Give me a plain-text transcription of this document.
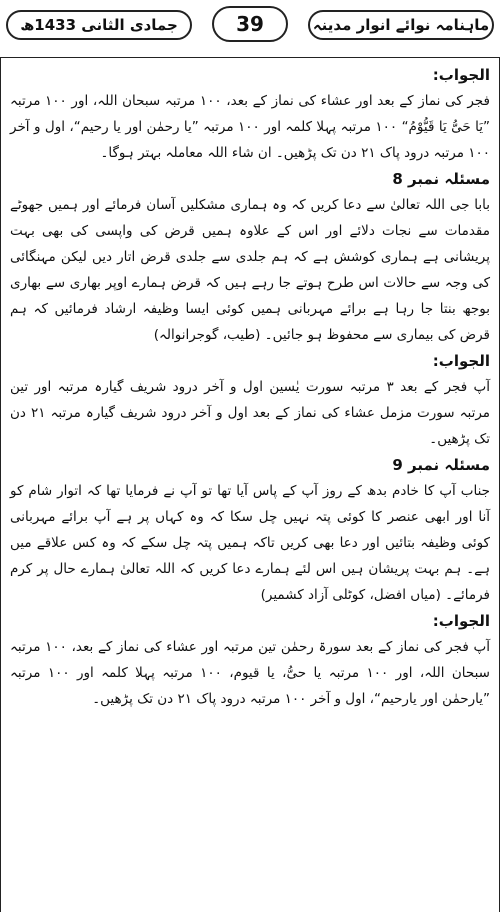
ماہنامہ نوائے انوار مدینہ
39
جمادی الثانی 1433ھ
الجواب:

فجر کی نماز کے بعد اور عشاء کی نماز کے بعد، ۱۰۰ مرتبہ سبحان اللہ، اور ۱۰۰ مرتبہ ”یَا حَیُّ یَا قَیُّوْمُ“ ۱۰۰ مرتبہ پہلا کلمہ اور ۱۰۰ مرتبہ ”یا رحمٰن اور یا رحیم“، اول و آخر ۱۰۰ مرتبہ درود پاک ۲۱ دن تک پڑھیں۔ ان شاء اللہ معاملہ بہتر ہوگا۔

مسئلہ نمبر 8

بابا جی اللہ تعالیٰ سے دعا کریں کہ وہ ہماری مشکلیں آسان فرمائے اور ہمیں جھوٹے مقدمات سے نجات دلائے اور اس کے علاوہ ہمیں قرض کی واپسی کی بھی بہت پریشانی ہے ہماری کوشش ہے کہ ہم جلدی سے جلدی قرض اتار دیں لیکن مہنگائی کی وجہ سے حالات اس طرح ہوتے جا رہے ہیں کہ قرض ہمارے اوپر بھاری سے بھاری بوجھ بنتا جا رہا ہے برائے مہربانی ہمیں کوئی ایسا وظیفہ ارشاد فرمائیں کہ ہم قرض کی بیماری سے محفوظ ہو جائیں۔ (طیب، گوجرانوالہ)

الجواب:

آپ فجر کے بعد ۳ مرتبہ سورت یٰسین اول و آخر درود شریف گیارہ مرتبہ اور تین مرتبہ سورت مزمل عشاء کی نماز کے بعد اول و آخر درود شریف گیارہ مرتبہ ۲۱ دن تک پڑھیں۔

مسئلہ نمبر 9

جناب آپ کا خادم بدھ کے روز آپ کے پاس آیا تھا تو آپ نے فرمایا تھا کہ اتوار شام کو آنا اور ابھی عنصر کا کوئی پتہ نہیں چل سکا کہ وہ کہاں پر ہے آپ برائے مہربانی کوئی وظیفہ بتائیں اور دعا بھی کریں تاکہ ہمیں پتہ چل سکے کہ وہ کس علاقے میں ہے۔ ہم بہت پریشان ہیں اس لئے ہمارے دعا کریں کہ اللہ تعالیٰ ہمارے حال پر کرم فرمائے۔ (میاں افضل، کوٹلی آزاد کشمیر)

الجواب:

آپ فجر کی نماز کے بعد سورۃ رحمٰن تین مرتبہ اور عشاء کی نماز کے بعد، ۱۰۰ مرتبہ سبحان اللہ، اور ۱۰۰ مرتبہ یا حیُّ، یا قیوم، ۱۰۰ مرتبہ پہلا کلمہ اور ۱۰۰ مرتبہ ”یارحمٰن اور یارحیم“، اول و آخر ۱۰۰ مرتبہ درود پاک ۲۱ دن تک پڑھیں۔
